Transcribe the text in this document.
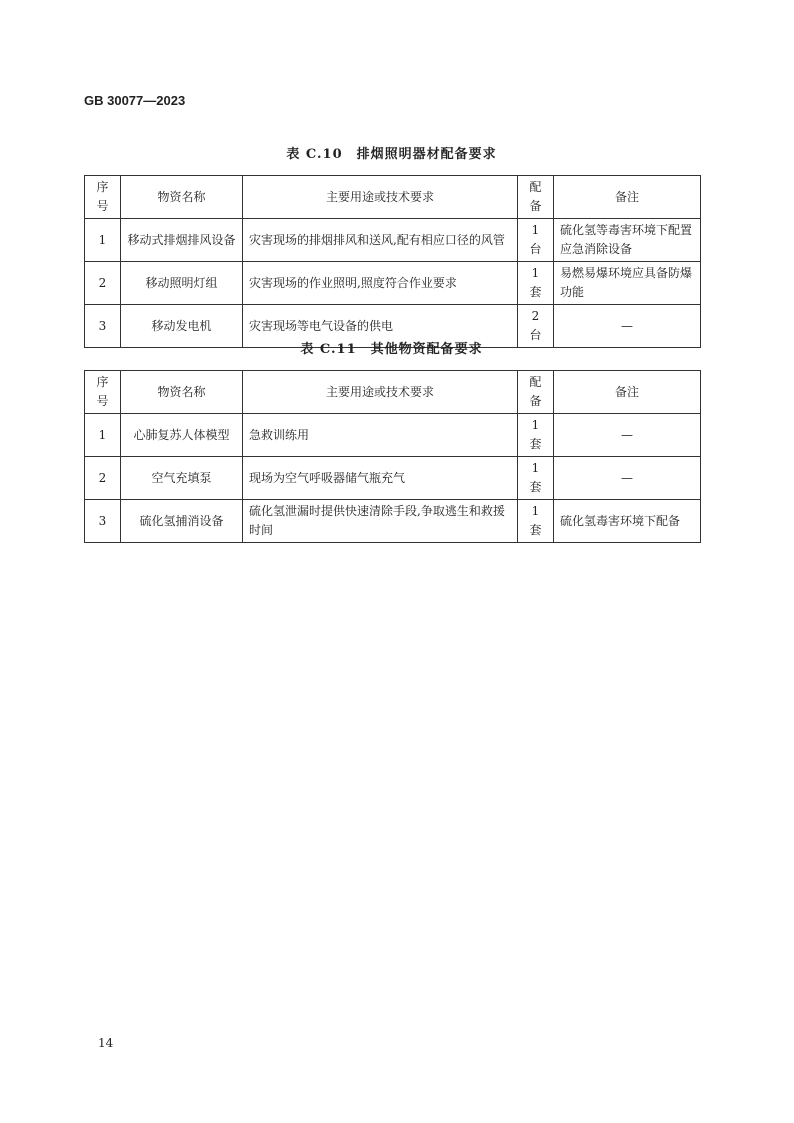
GB 30077—2023
表 C.10　排烟照明器材配备要求
序号	物资名称	主要用途或技术要求	配备	备注
1	移动式排烟排风设备	灾害现场的排烟排风和送风,配有相应口径的风管	1 台	硫化氢等毒害环境下配置应急消除设备
2	移动照明灯组	灾害现场的作业照明,照度符合作业要求	1 套	易燃易爆环境应具备防爆功能
3	移动发电机	灾害现场等电气设备的供电	2 台	—
表 C.11　其他物资配备要求
序号	物资名称	主要用途或技术要求	配备	备注
1	心肺复苏人体模型	急救训练用	1 套	—
2	空气充填泵	现场为空气呼吸器储气瓶充气	1 套	—
3	硫化氢捕消设备	硫化氢泄漏时提供快速清除手段,争取逃生和救援时间	1 套	硫化氢毒害环境下配备
14
